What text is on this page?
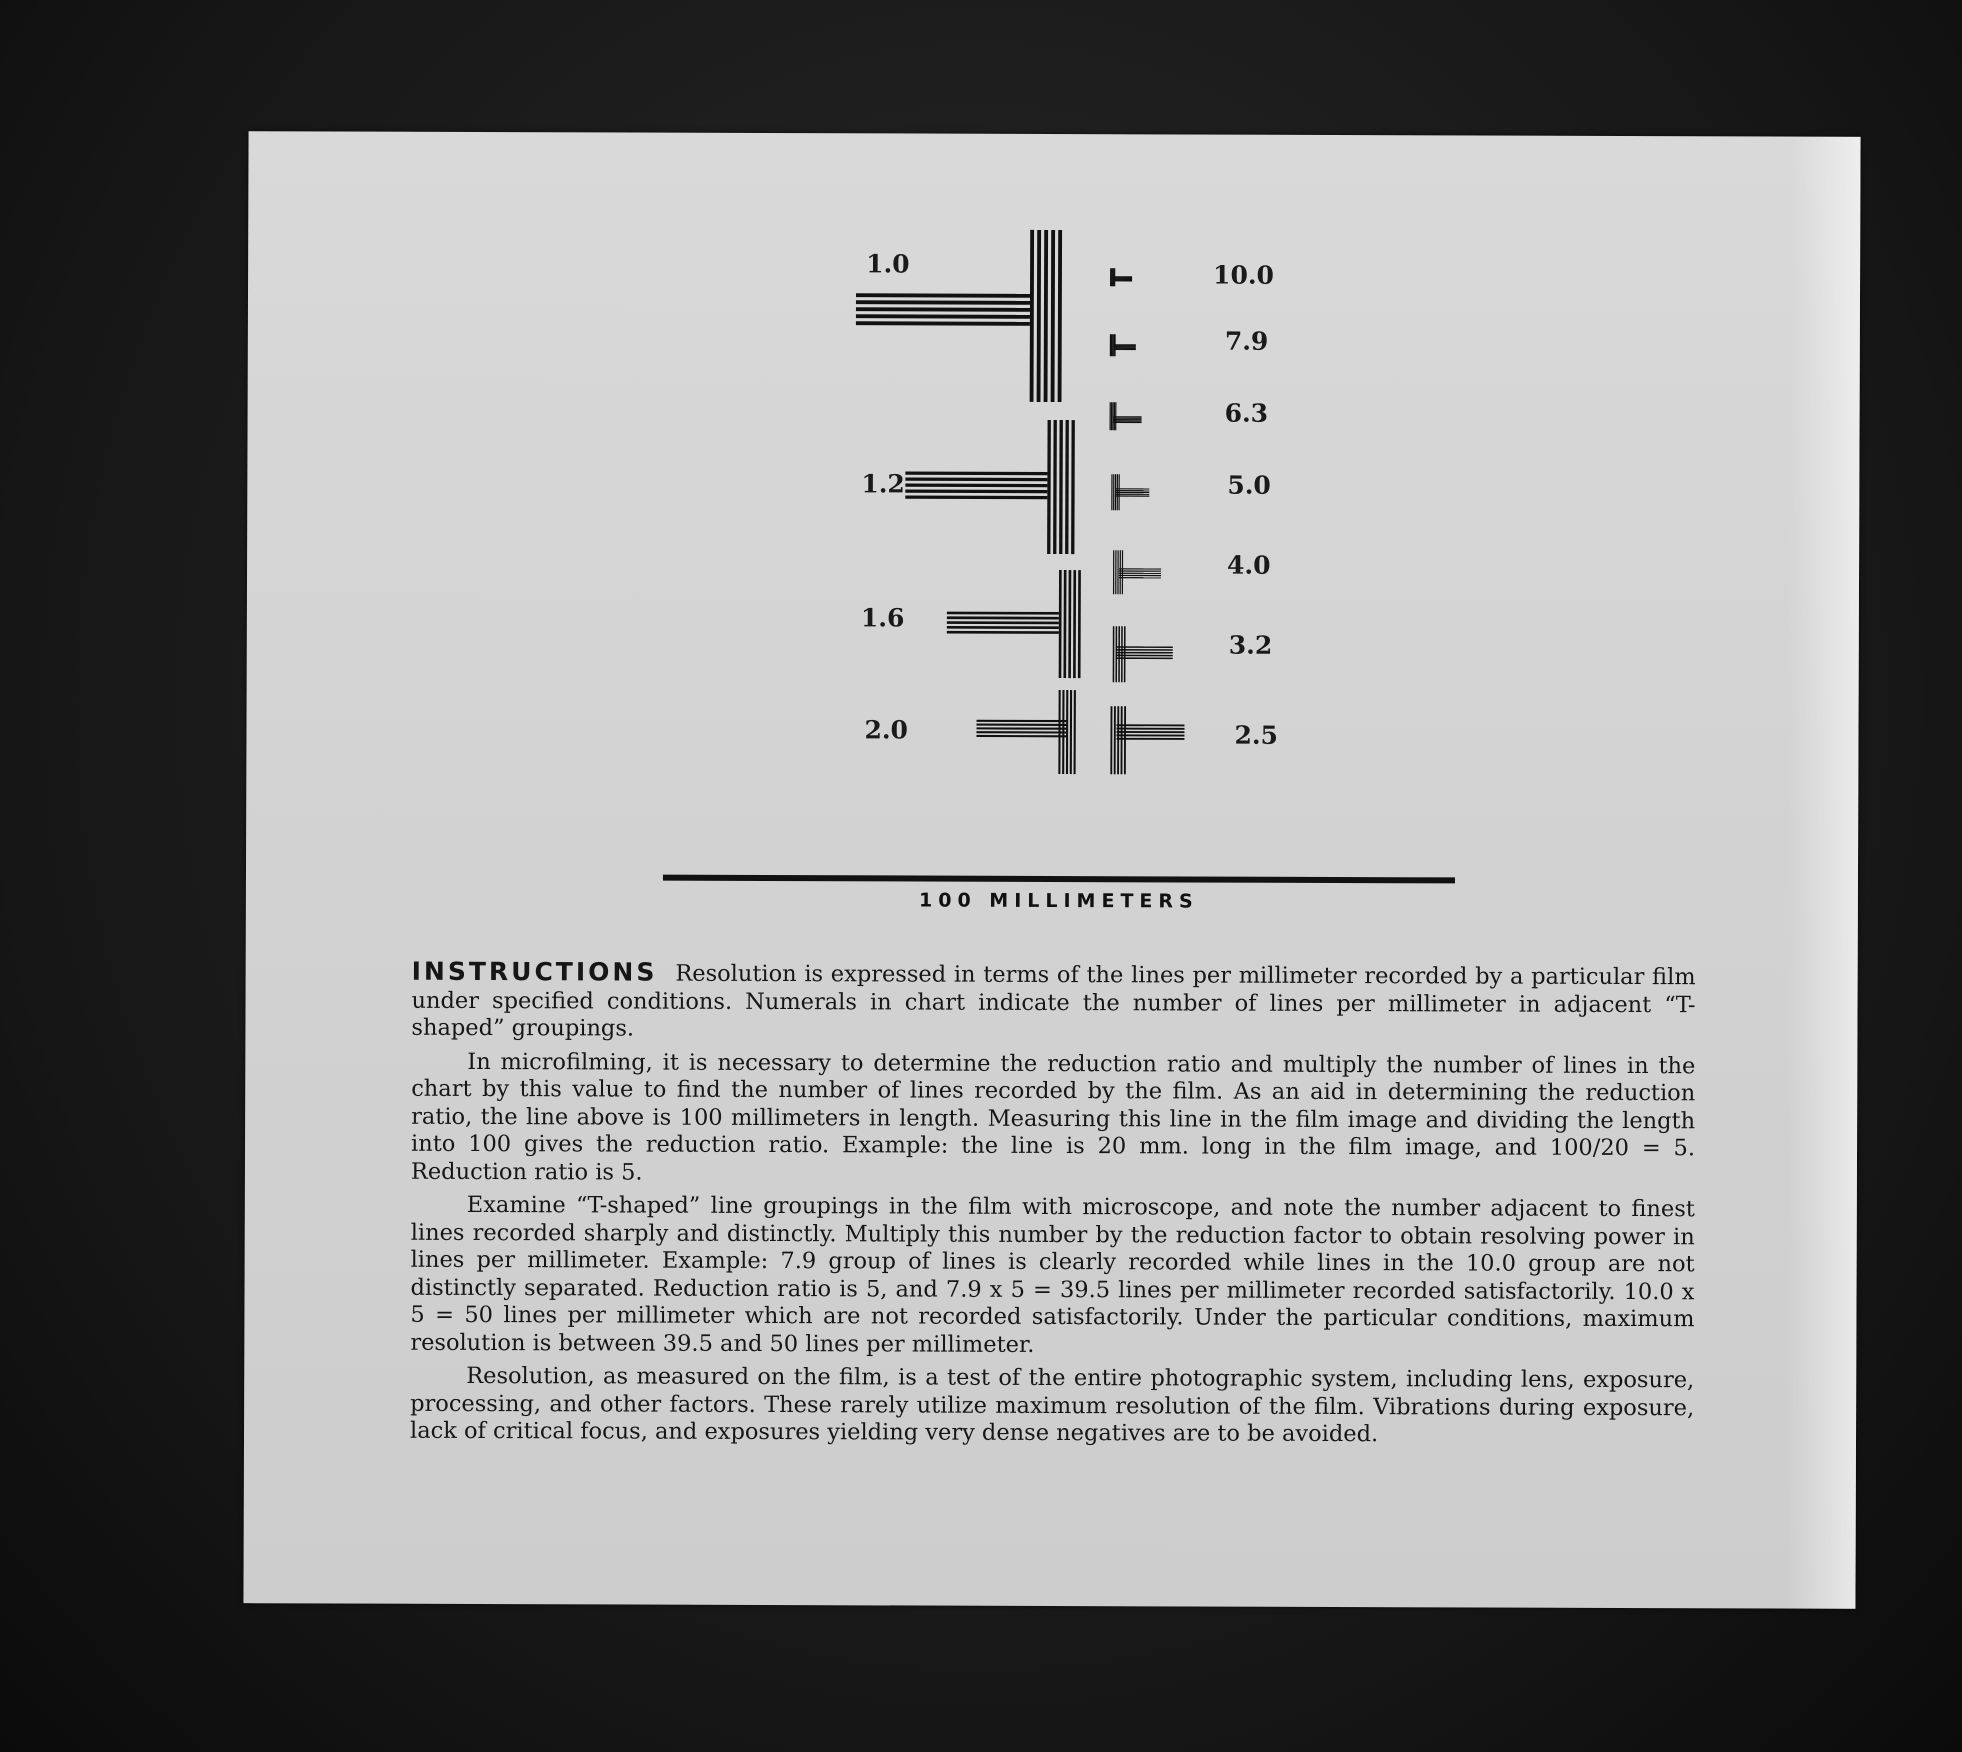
1.0
1.2
1.6
2.0
10.0
7.9
6.3
5.0
4.0
3.2
2.5
100 MILLIMETERS

INSTRUCTIONS Resolution is expressed in terms of the lines per millimeter recorded by a particular film under specified conditions. Numerals in chart indicate the number of lines per millimeter in adjacent “T-shaped” groupings.

In microfilming, it is necessary to determine the reduction ratio and multiply the number of lines in the chart by this value to find the number of lines recorded by the film. As an aid in determining the reduction ratio, the line above is 100 millimeters in length. Measuring this line in the film image and dividing the length into 100 gives the reduction ratio. Example: the line is 20 mm. long in the film image, and 100/20 = 5. Reduction ratio is 5.

Examine “T-shaped” line groupings in the film with microscope, and note the number adjacent to finest lines recorded sharply and distinctly. Multiply this number by the reduction factor to obtain resolving power in lines per millimeter. Example: 7.9 group of lines is clearly recorded while lines in the 10.0 group are not distinctly separated. Reduction ratio is 5, and 7.9 x 5 = 39.5 lines per millimeter recorded satisfactorily. 10.0 x 5 = 50 lines per millimeter which are not recorded satisfactorily. Under the particular conditions, maximum resolution is between 39.5 and 50 lines per millimeter.

Resolution, as measured on the film, is a test of the entire photographic system, including lens, exposure, processing, and other factors. These rarely utilize maximum resolution of the film. Vibrations during exposure, lack of critical focus, and exposures yielding very dense negatives are to be avoided.
